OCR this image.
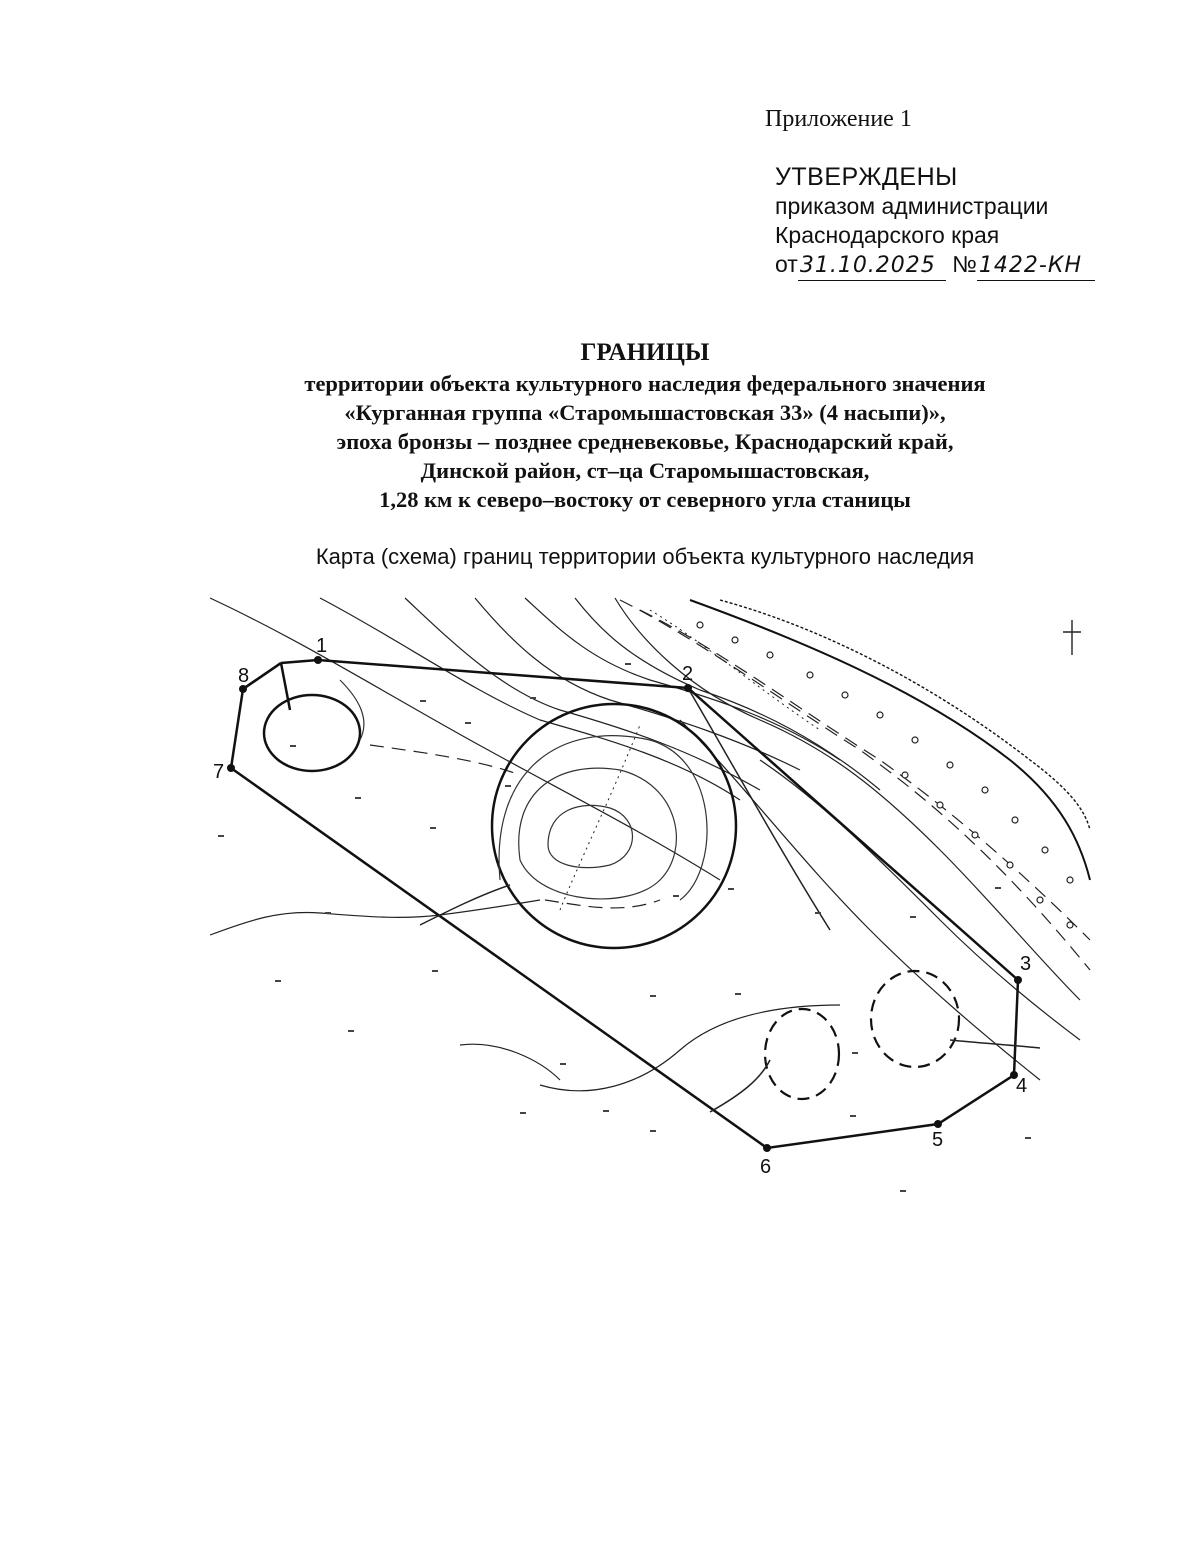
Приложение 1
УТВЕРЖДЕНЫ
приказом администрации
Краснодарского края
от31.10.2025 №1422-КН
ГРАНИЦЫ
территории объекта культурного наследия федерального значения
«Курганная группа «Старомышастовская 33» (4 насыпи)»,
эпоха бронзы – позднее средневековье, Краснодарский край,
Динской район, ст–ца Старомышастовская,
1,28 км к северо–востоку от северного угла станицы
Карта (схема) границ территории объекта культурного наследия
1
2
3
4
5
6
7
8
